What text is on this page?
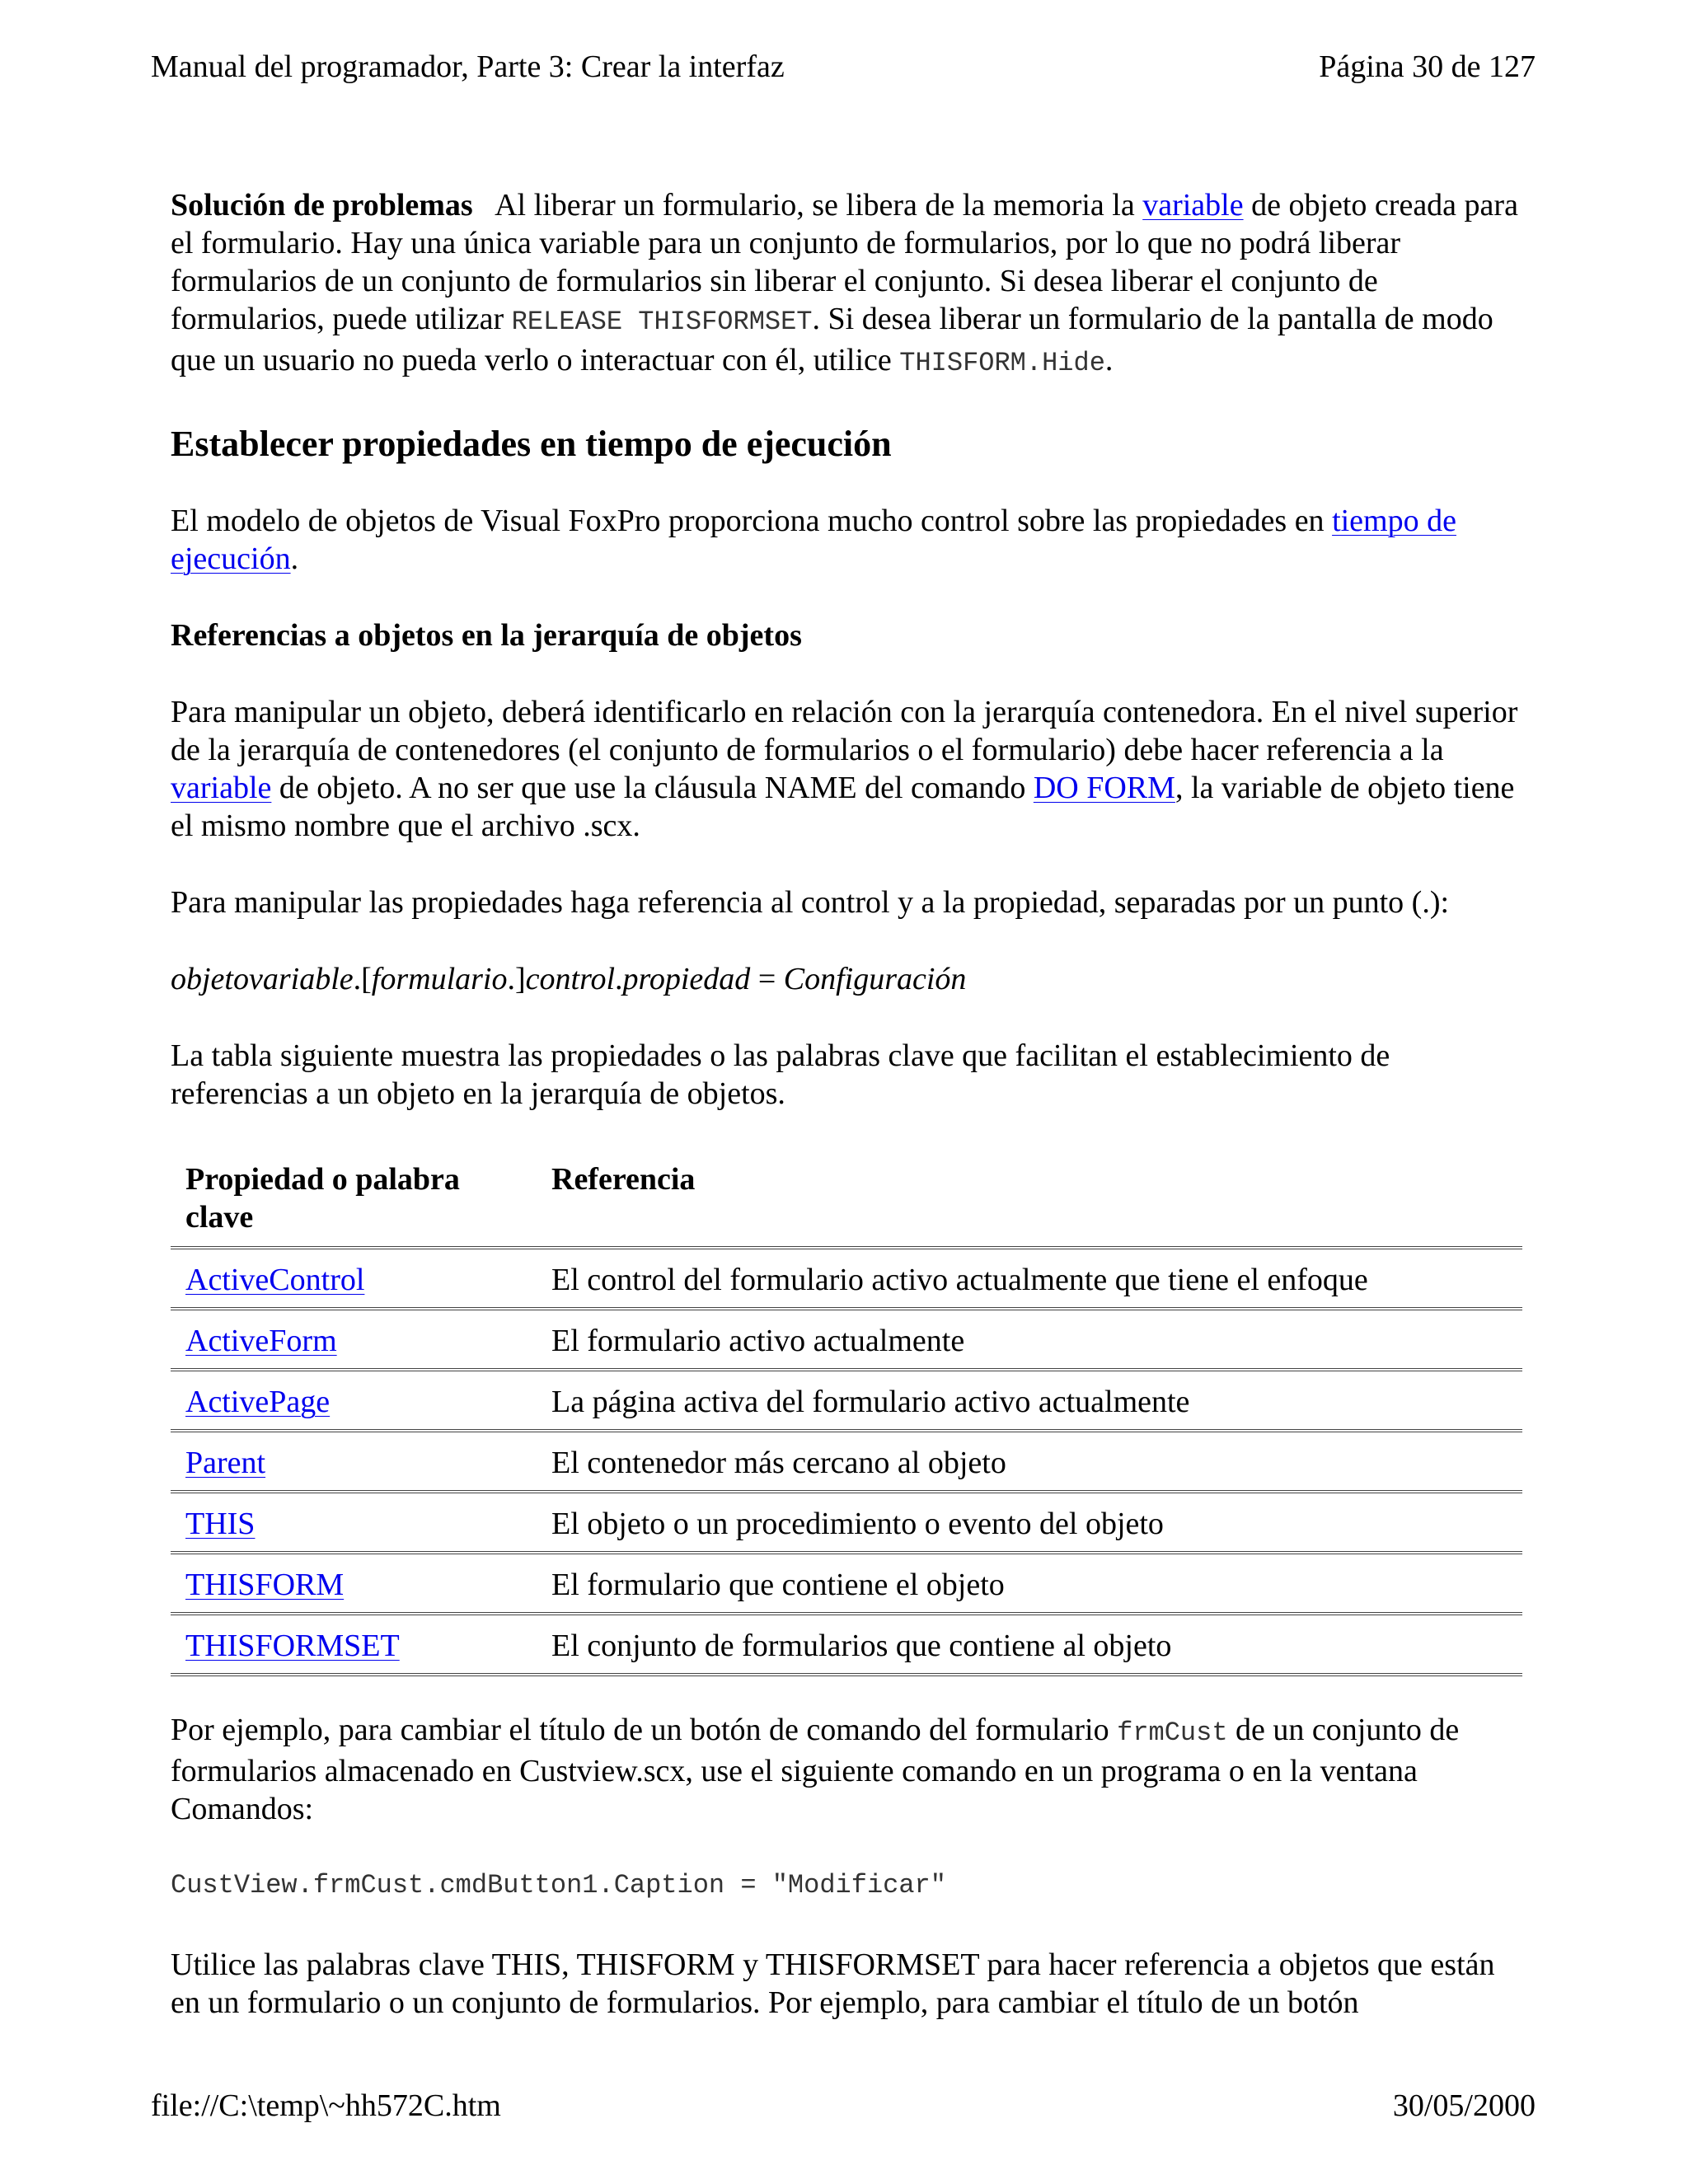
Manual del programador, Parte 3: Crear la interfaz	Página 30 de 127

Solución de problemas   Al liberar un formulario, se libera de la memoria la variable de objeto creada para el formulario. Hay una única variable para un conjunto de formularios, por lo que no podrá liberar formularios de un conjunto de formularios sin liberar el conjunto. Si desea liberar el conjunto de formularios, puede utilizar RELEASE THISFORMSET. Si desea liberar un formulario de la pantalla de modo que un usuario no pueda verlo o interactuar con él, utilice THISFORM.Hide.

Establecer propiedades en tiempo de ejecución

El modelo de objetos de Visual FoxPro proporciona mucho control sobre las propiedades en tiempo de ejecución.

Referencias a objetos en la jerarquía de objetos

Para manipular un objeto, deberá identificarlo en relación con la jerarquía contenedora. En el nivel superior de la jerarquía de contenedores (el conjunto de formularios o el formulario) debe hacer referencia a la variable de objeto. A no ser que use la cláusula NAME del comando DO FORM, la variable de objeto tiene el mismo nombre que el archivo .scx.

Para manipular las propiedades haga referencia al control y a la propiedad, separadas por un punto (.):

objetovariable.[formulario.]control.propiedad = Configuración

La tabla siguiente muestra las propiedades o las palabras clave que facilitan el establecimiento de referencias a un objeto en la jerarquía de objetos.

Propiedad o palabra clave	Referencia
ActiveControl	El control del formulario activo actualmente que tiene el enfoque
ActiveForm	El formulario activo actualmente
ActivePage	La página activa del formulario activo actualmente
Parent	El contenedor más cercano al objeto
THIS	El objeto o un procedimiento o evento del objeto
THISFORM	El formulario que contiene el objeto
THISFORMSET	El conjunto de formularios que contiene al objeto

Por ejemplo, para cambiar el título de un botón de comando del formulario frmCust de un conjunto de formularios almacenado en Custview.scx, use el siguiente comando en un programa o en la ventana Comandos:

CustView.frmCust.cmdButton1.Caption = "Modificar"

Utilice las palabras clave THIS, THISFORM y THISFORMSET para hacer referencia a objetos que están en un formulario o un conjunto de formularios. Por ejemplo, para cambiar el título de un botón

file://C:\temp\~hh572C.htm	30/05/2000
